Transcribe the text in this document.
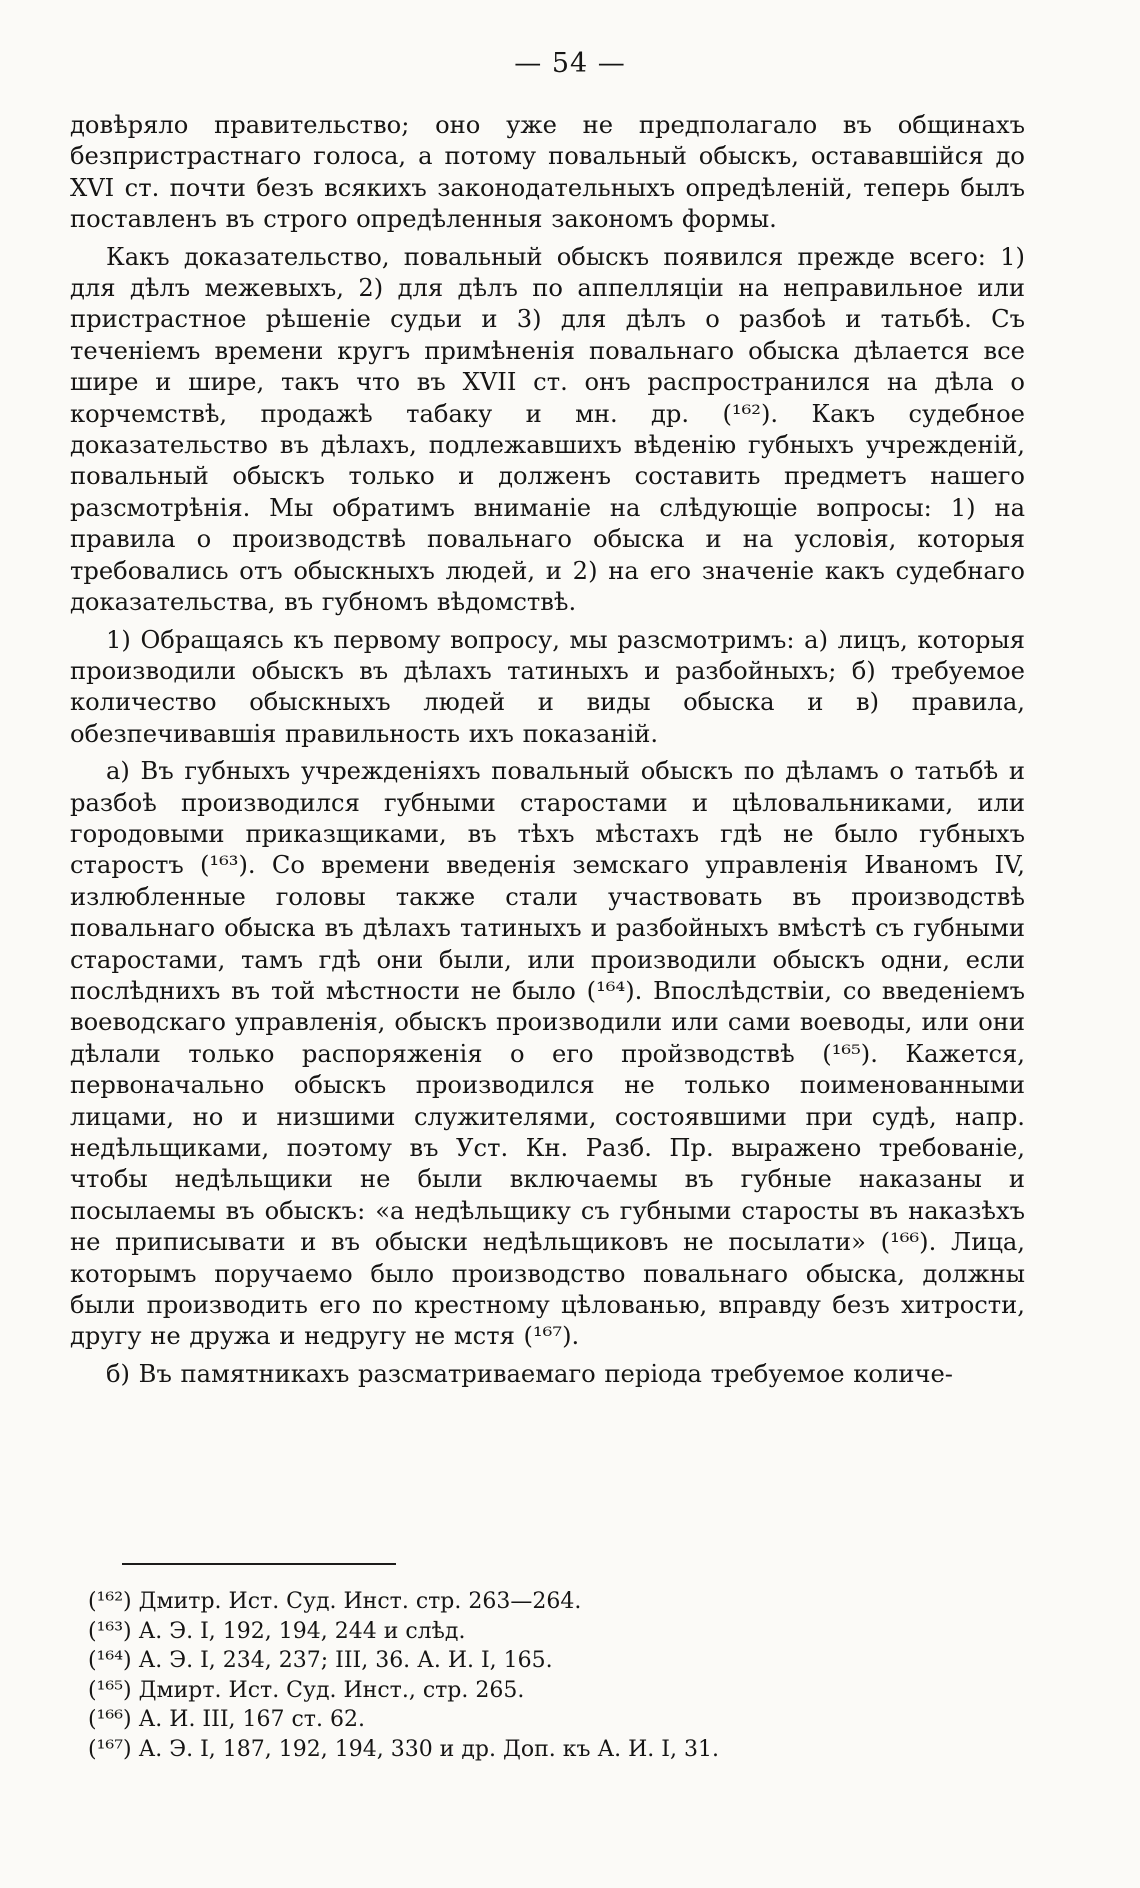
— 54 —

довѣряло правительство; оно уже не предполагало въ общинахъ безпристрастнаго голоса, а потому повальный обыскъ, остававшійся до XVI ст. почти безъ всякихъ законодательныхъ опредѣленій, теперь былъ поставленъ въ строго опредѣленныя закономъ формы.

Какъ доказательство, повальный обыскъ появился прежде всего: 1) для дѣлъ межевыхъ, 2) для дѣлъ по аппелляціи на неправильное или пристрастное рѣшеніе судьи и 3) для дѣлъ о разбоѣ и татьбѣ. Съ теченіемъ времени кругъ примѣненія повальнаго обыска дѣлается все шире и шире, такъ что въ XVII ст. онъ распространился на дѣла о корчемствѣ, продажѣ табаку и мн. др. (¹⁶²). Какъ судебное доказательство въ дѣлахъ, подлежавшихъ вѣденію губныхъ учрежденій, повальный обыскъ только и долженъ составить предметъ нашего разсмотрѣнія. Мы обратимъ вниманіе на слѣдующіе вопросы: 1) на правила о производствѣ повальнаго обыска и на условія, которыя требовались отъ обыскныхъ людей, и 2) на его значеніе какъ судебнаго доказательства, въ губномъ вѣдомствѣ.

1) Обращаясь къ первому вопросу, мы разсмотримъ: а) лицъ, которыя производили обыскъ въ дѣлахъ татиныхъ и разбойныхъ; б) требуемое количество обыскныхъ людей и виды обыска и в) правила, обезпечивавшія правильность ихъ показаній.

а) Въ губныхъ учрежденіяхъ повальный обыскъ по дѣламъ о татьбѣ и разбоѣ производился губными старостами и цѣловальниками, или городовыми приказщиками, въ тѣхъ мѣстахъ гдѣ не было губныхъ старостъ (¹⁶³). Со времени введенія земскаго управленія Иваномъ IV, излюбленные головы также стали участвовать въ производствѣ повальнаго обыска въ дѣлахъ татиныхъ и разбойныхъ вмѣстѣ съ губными старостами, тамъ гдѣ они были, или производили обыскъ одни, если послѣднихъ въ той мѣстности не было (¹⁶⁴). Впослѣдствіи, со введеніемъ воеводскаго управленія, обыскъ производили или сами воеводы, или они дѣлали только распоряженія о его пройзводствѣ (¹⁶⁵). Кажется, первоначально обыскъ производился не только поименованными лицами, но и низшими служителями, состоявшими при судѣ, напр. недѣльщиками, поэтому въ Уст. Кн. Разб. Пр. выражено требованіе, чтобы недѣльщики не были включаемы въ губные наказаны и посылаемы въ обыскъ: «а недѣльщику съ губными старосты въ наказѣхъ не приписывати и въ обыски недѣльщиковъ не посылати» (¹⁶⁶). Лица, которымъ поручаемо было производство повальнаго обыска, должны были производить его по крестному цѣлованью, вправду безъ хитрости, другу не дружа и недругу не мстя (¹⁶⁷).

б) Въ памятникахъ разсматриваемаго періода требуемое количе-

(¹⁶²) Дмитр. Ист. Суд. Инст. стр. 263—264.
(¹⁶³) А. Э. I, 192, 194, 244 и слѣд.
(¹⁶⁴) А. Э. I, 234, 237; III, 36. А. И. I, 165.
(¹⁶⁵) Дмирт. Ист. Суд. Инст., стр. 265.
(¹⁶⁶) А. И. III, 167 ст. 62.
(¹⁶⁷) А. Э. I, 187, 192, 194, 330 и др. Доп. къ А. И. I, 31.
